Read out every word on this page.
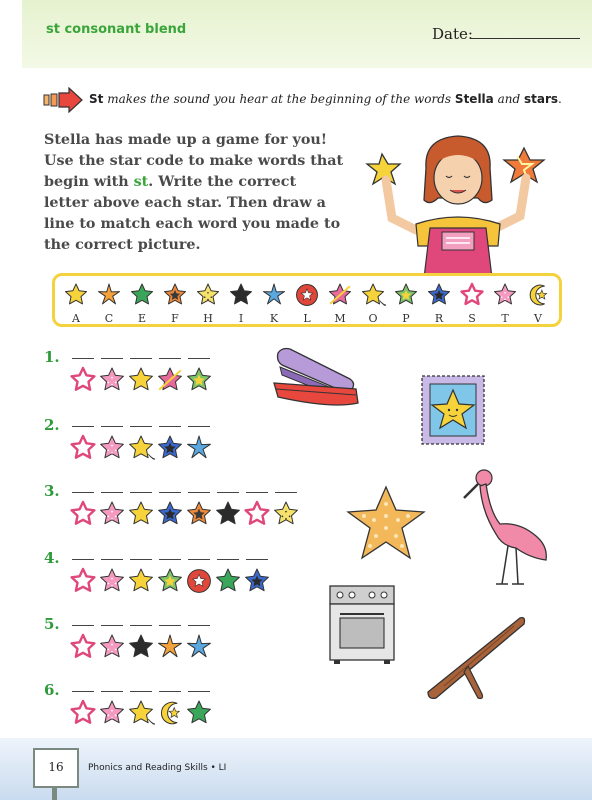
st consonant blend	Date:
St makes the sound you hear at the beginning of the words Stella and stars.
Stella has made up a game for you! Use the star code to make words that begin with st. Write the correct letter above each star. Then draw a line to match each word you made to the correct picture.
A	C	E	F	H	I	K	L	M	O	P	R	S	T	V
1.
2.
3.
4.
5.
6.
16	Phonics and Reading Skills • LI
